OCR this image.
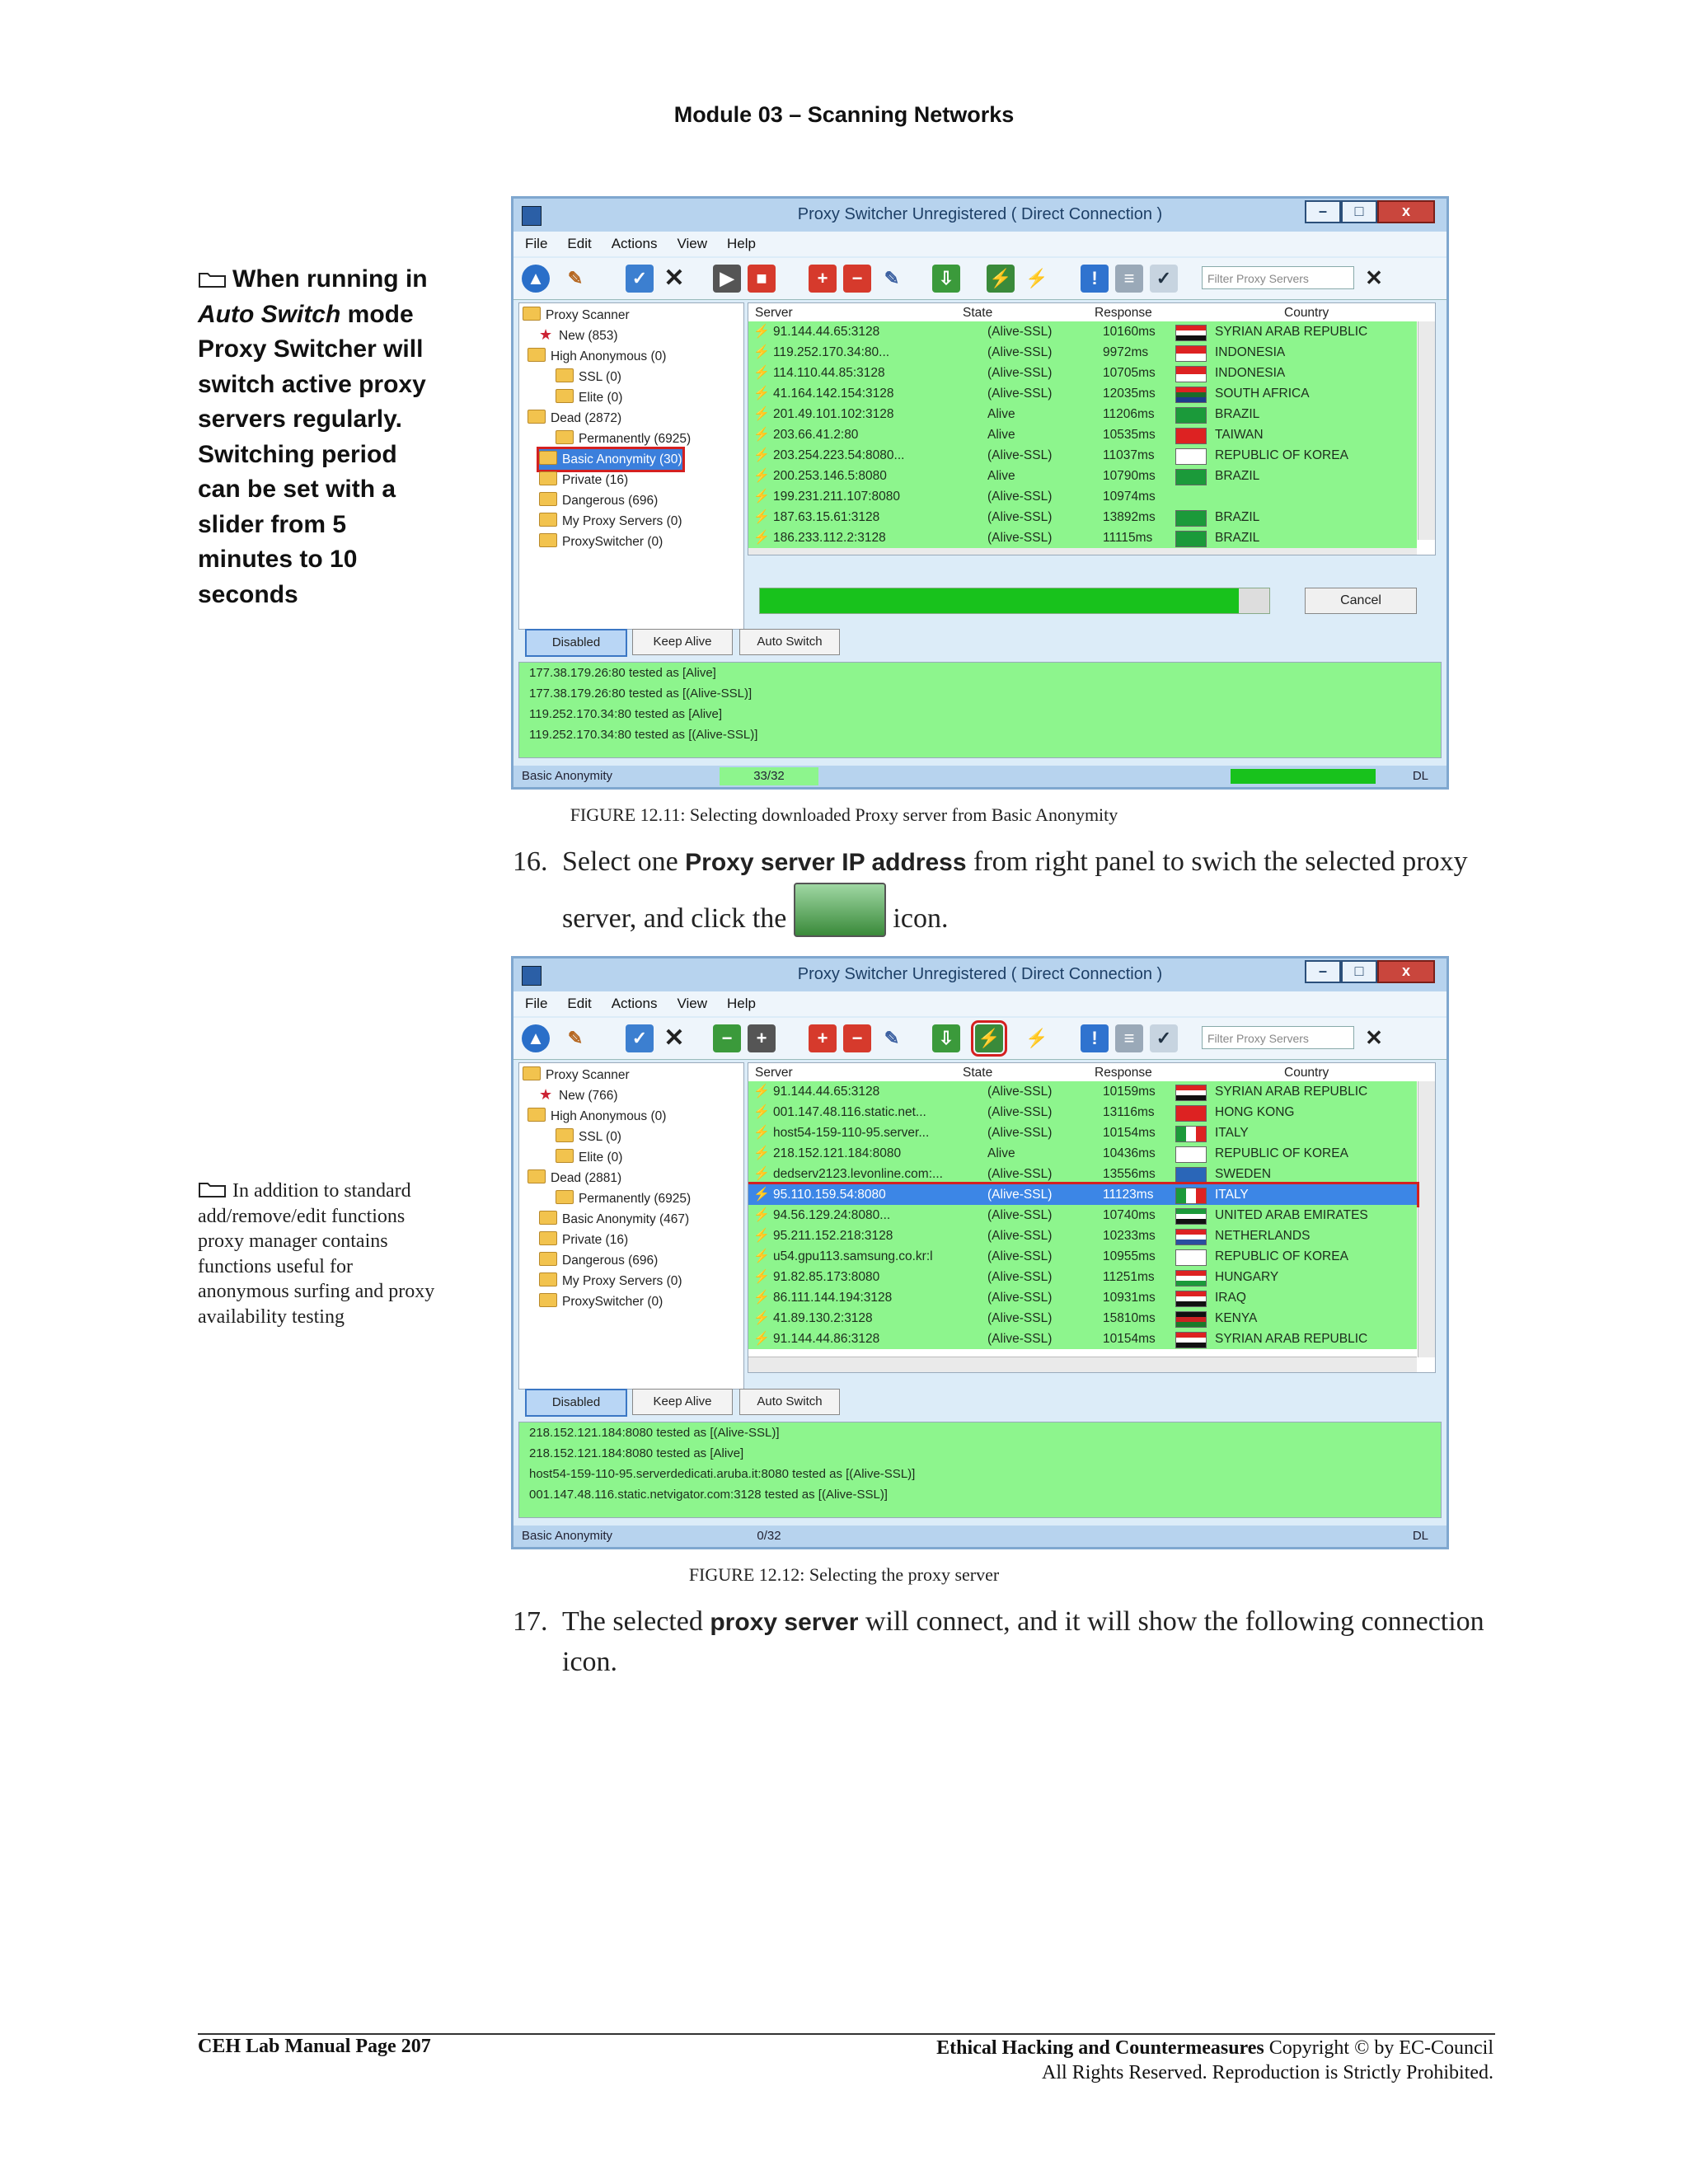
Module 03 – Scanning Networks
When running in Auto Switch mode Proxy Switcher will switch active proxy servers regularly. Switching period can be set with a slider from 5 minutes to 10 seconds
In addition to standard add/remove/edit functions proxy manager contains functions useful for anonymous surfing and proxy availability testing
Proxy Switcher Unregistered ( Direct Connection )	–	□	x
File Edit Actions View Help
▲	✎	✓ ✕	▶	■	+	−	✎	⇩	⚡ ⚡	!	≡	✓	Filter Proxy Servers	✕
Proxy Scanner
★ New (853)
High Anonymous (0)
SSL (0)
Elite (0)
Dead (2872)
Permanently (6925)
Basic Anonymity (30)
Private (16)
Dangerous (696)
My Proxy Servers (0)
ProxySwitcher (0)
Server	State	Response	Country
⚡ 91.144.44.65:3128	(Alive-SSL)	10160ms	SYRIAN ARAB REPUBLIC
⚡ 119.252.170.34:80...	(Alive-SSL)	9972ms	INDONESIA
⚡ 114.110.44.85:3128	(Alive-SSL)	10705ms	INDONESIA
⚡ 41.164.142.154:3128	(Alive-SSL)	12035ms	SOUTH AFRICA
⚡ 201.49.101.102:3128	Alive	11206ms	BRAZIL
⚡ 203.66.41.2:80	Alive	10535ms	TAIWAN
⚡ 203.254.223.54:8080...	(Alive-SSL)	11037ms	REPUBLIC OF KOREA
⚡ 200.253.146.5:8080	Alive	10790ms	BRAZIL
⚡ 199.231.211.107:8080	(Alive-SSL)	10974ms
⚡ 187.63.15.61:3128	(Alive-SSL)	13892ms	BRAZIL
⚡ 186.233.112.2:3128	(Alive-SSL)	11115ms	BRAZIL
Cancel
Disabled	Keep Alive	Auto Switch
177.38.179.26:80 tested as [Alive]
177.38.179.26:80 tested as [(Alive-SSL)]
119.252.170.34:80 tested as [Alive]
119.252.170.34:80 tested as [(Alive-SSL)]
Basic Anonymity	33/32	DL
FIGURE 12.11: Selecting downloaded Proxy server from Basic Anonymity
16. Select one Proxy server IP address from right panel to swich the selected proxy server, and click the	icon.
Proxy Switcher Unregistered ( Direct Connection )	–	□	x
File Edit Actions View Help
▲	✎	✓ ✕	−	+	+	−	✎	⇩	⚡ ⚡	!	≡	✓	Filter Proxy Servers	✕
Proxy Scanner
★ New (766)
High Anonymous (0)
SSL (0)
Elite (0)
Dead (2881)
Permanently (6925)
Basic Anonymity (467)
Private (16)
Dangerous (696)
My Proxy Servers (0)
ProxySwitcher (0)
Server	State	Response	Country
⚡ 91.144.44.65:3128	(Alive-SSL)	10159ms	SYRIAN ARAB REPUBLIC
⚡ 001.147.48.116.static.net...	(Alive-SSL)	13116ms	HONG KONG
⚡ host54-159-110-95.server...	(Alive-SSL)	10154ms	ITALY
⚡ 218.152.121.184:8080	Alive	10436ms	REPUBLIC OF KOREA
⚡ dedserv2123.levonline.com:...	(Alive-SSL)	13556ms	SWEDEN
⚡ 95.110.159.54:8080	(Alive-SSL)	11123ms	ITALY
⚡ 94.56.129.24:8080...	(Alive-SSL)	10740ms	UNITED ARAB EMIRATES
⚡ 95.211.152.218:3128	(Alive-SSL)	10233ms	NETHERLANDS
⚡ u54.gpu113.samsung.co.kr:l	(Alive-SSL)	10955ms	REPUBLIC OF KOREA
⚡ 91.82.85.173:8080	(Alive-SSL)	11251ms	HUNGARY
⚡ 86.111.144.194:3128	(Alive-SSL)	10931ms	IRAQ
⚡ 41.89.130.2:3128	(Alive-SSL)	15810ms	KENYA
⚡ 91.144.44.86:3128	(Alive-SSL)	10154ms	SYRIAN ARAB REPUBLIC
Disabled	Keep Alive	Auto Switch
218.152.121.184:8080 tested as [(Alive-SSL)]
218.152.121.184:8080 tested as [Alive]
host54-159-110-95.serverdedicati.aruba.it:8080 tested as [(Alive-SSL)]
001.147.48.116.static.netvigator.com:3128 tested as [(Alive-SSL)]
Basic Anonymity	0/32	DL
FIGURE 12.12: Selecting the proxy server
17. The selected proxy server will connect, and it will show the following connection icon.
CEH Lab Manual Page 207	Ethical Hacking and Countermeasures Copyright © by EC-Council
All Rights Reserved. Reproduction is Strictly Prohibited.
